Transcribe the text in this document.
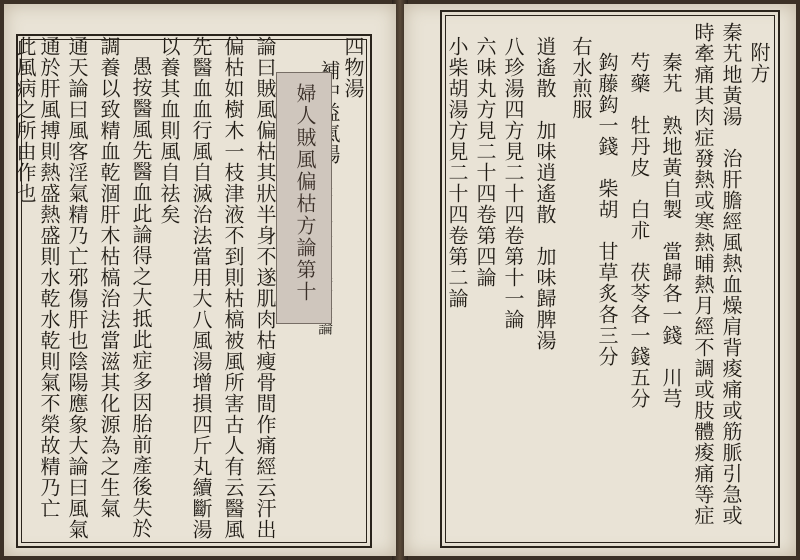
四物湯
補中益氣湯
二方見二十四卷第六論
婦人賊風偏枯方論第十
論曰賊風偏枯其狀半身不遂肌肉枯瘦骨間作痛經云汗出
偏枯如樹木一枝津液不到則枯槁被風所害古人有云醫風
先醫血血行風自滅治法當用大八風湯增損四斤丸續斷湯
以養其血則風自祛矣
愚按醫風先醫血此論得之大抵此症多因胎前產後失於
調養以致精血乾涸肝木枯槁治法當滋其化源為之生氣
通天論曰風客淫氣精乃亡邪傷肝也陰陽應象大論曰風氣
通於肝風搏則熱盛熱盛則水乾水乾則氣不榮故精乃亡
此風病之所由作也	附方
秦艽地黃湯　治肝膽經風熱血燥肩背痠痛或筋脈引急或
時牽痛其肉症發熱或寒熱晡熱月經不調或肢體痠痛等症
秦艽　熟地黃自製　當歸各一錢　川芎
芍藥　牡丹皮　白朮　茯苓各一錢五分
鈎藤鈎一錢　柴胡　甘草炙各三分
右水煎服
逍遙散　加味逍遙散　加味歸脾湯
八珍湯四方見二十四卷第十一論
六味丸方見二十四卷第四論
小柴胡湯方見二十四卷第二論
